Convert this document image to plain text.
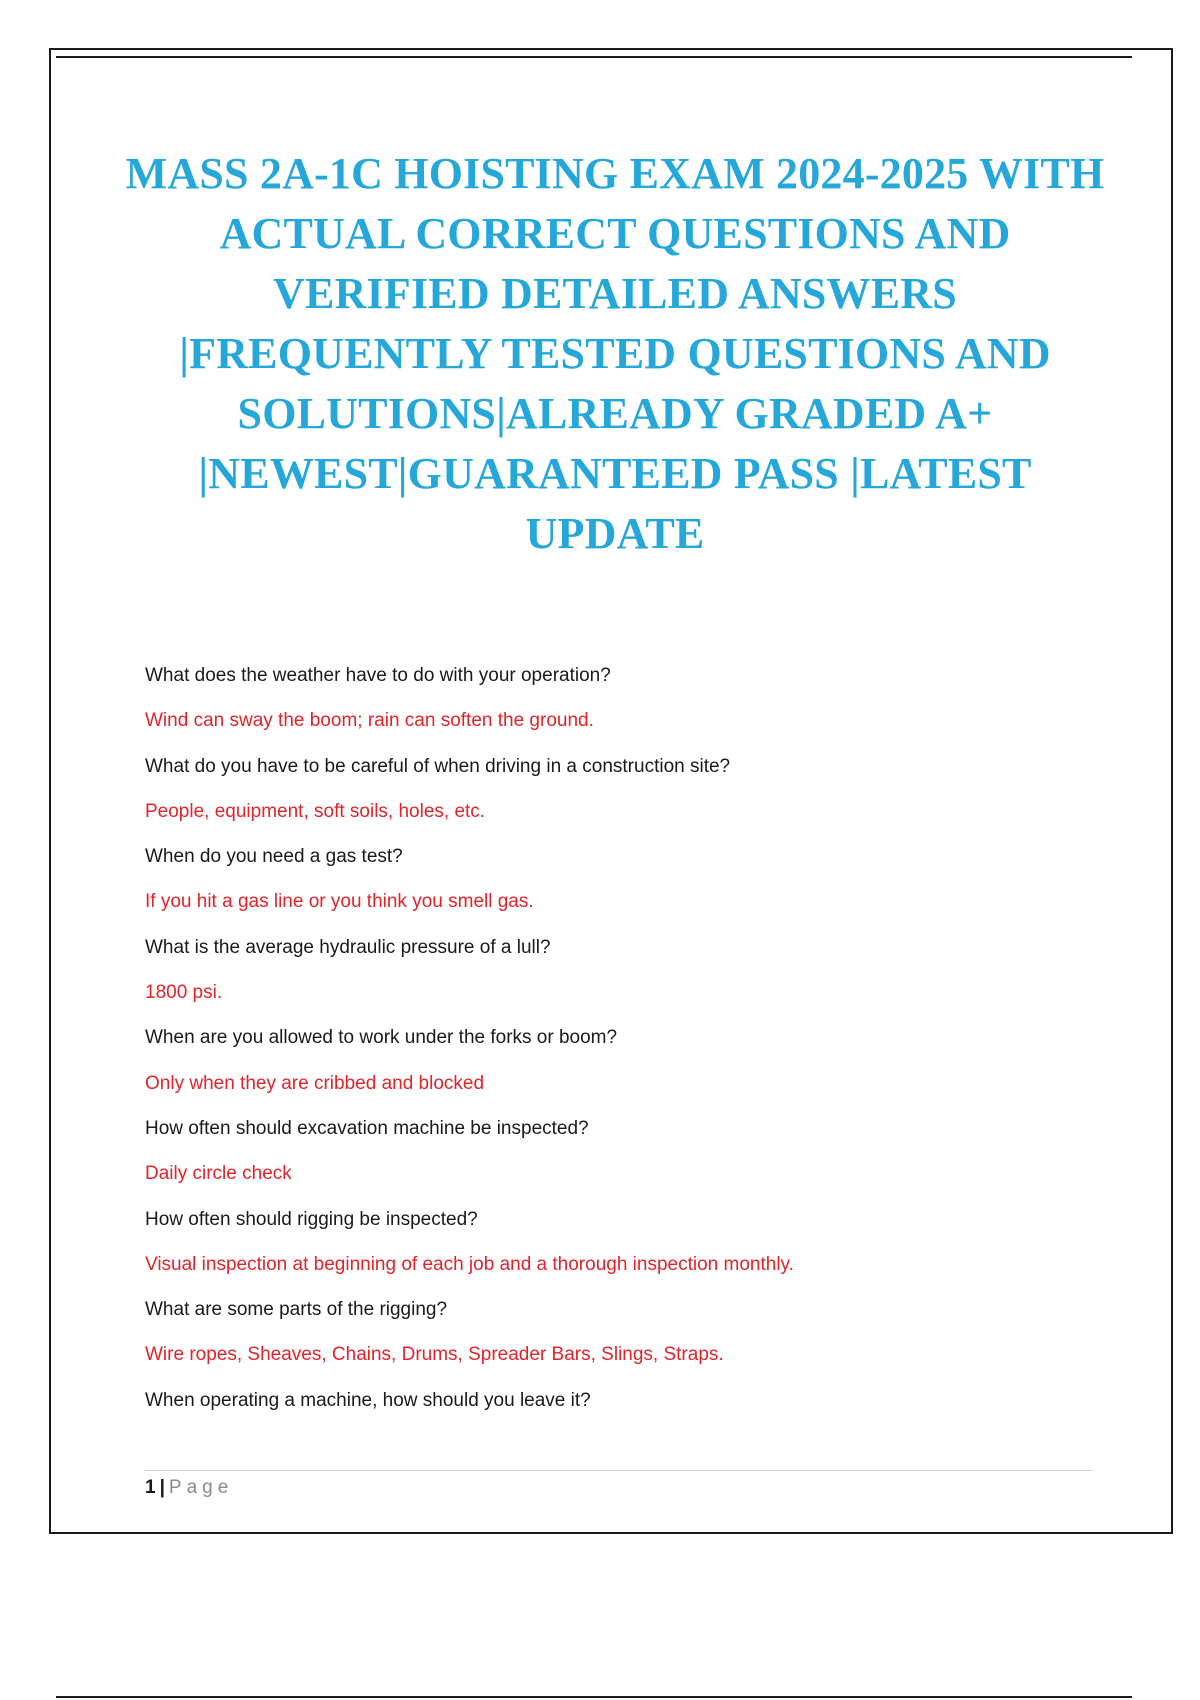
MASS 2A-1C HOISTING EXAM 2024-2025 WITH ACTUAL CORRECT QUESTIONS AND VERIFIED DETAILED ANSWERS |FREQUENTLY TESTED QUESTIONS AND SOLUTIONS|ALREADY GRADED A+ |NEWEST|GUARANTEED PASS |LATEST UPDATE
What does the weather have to do with your operation?
Wind can sway the boom; rain can soften the ground.
What do you have to be careful of when driving in a construction site?
People, equipment, soft soils, holes, etc.
When do you need a gas test?
If you hit a gas line or you think you smell gas.
What is the average hydraulic pressure of a lull?
1800 psi.
When are you allowed to work under the forks or boom?
Only when they are cribbed and blocked
How often should excavation machine be inspected?
Daily circle check
How often should rigging be inspected?
Visual inspection at beginning of each job and a thorough inspection monthly.
What are some parts of the rigging?
Wire ropes, Sheaves, Chains, Drums, Spreader Bars, Slings, Straps.
When operating a machine, how should you leave it?
1 | Page
